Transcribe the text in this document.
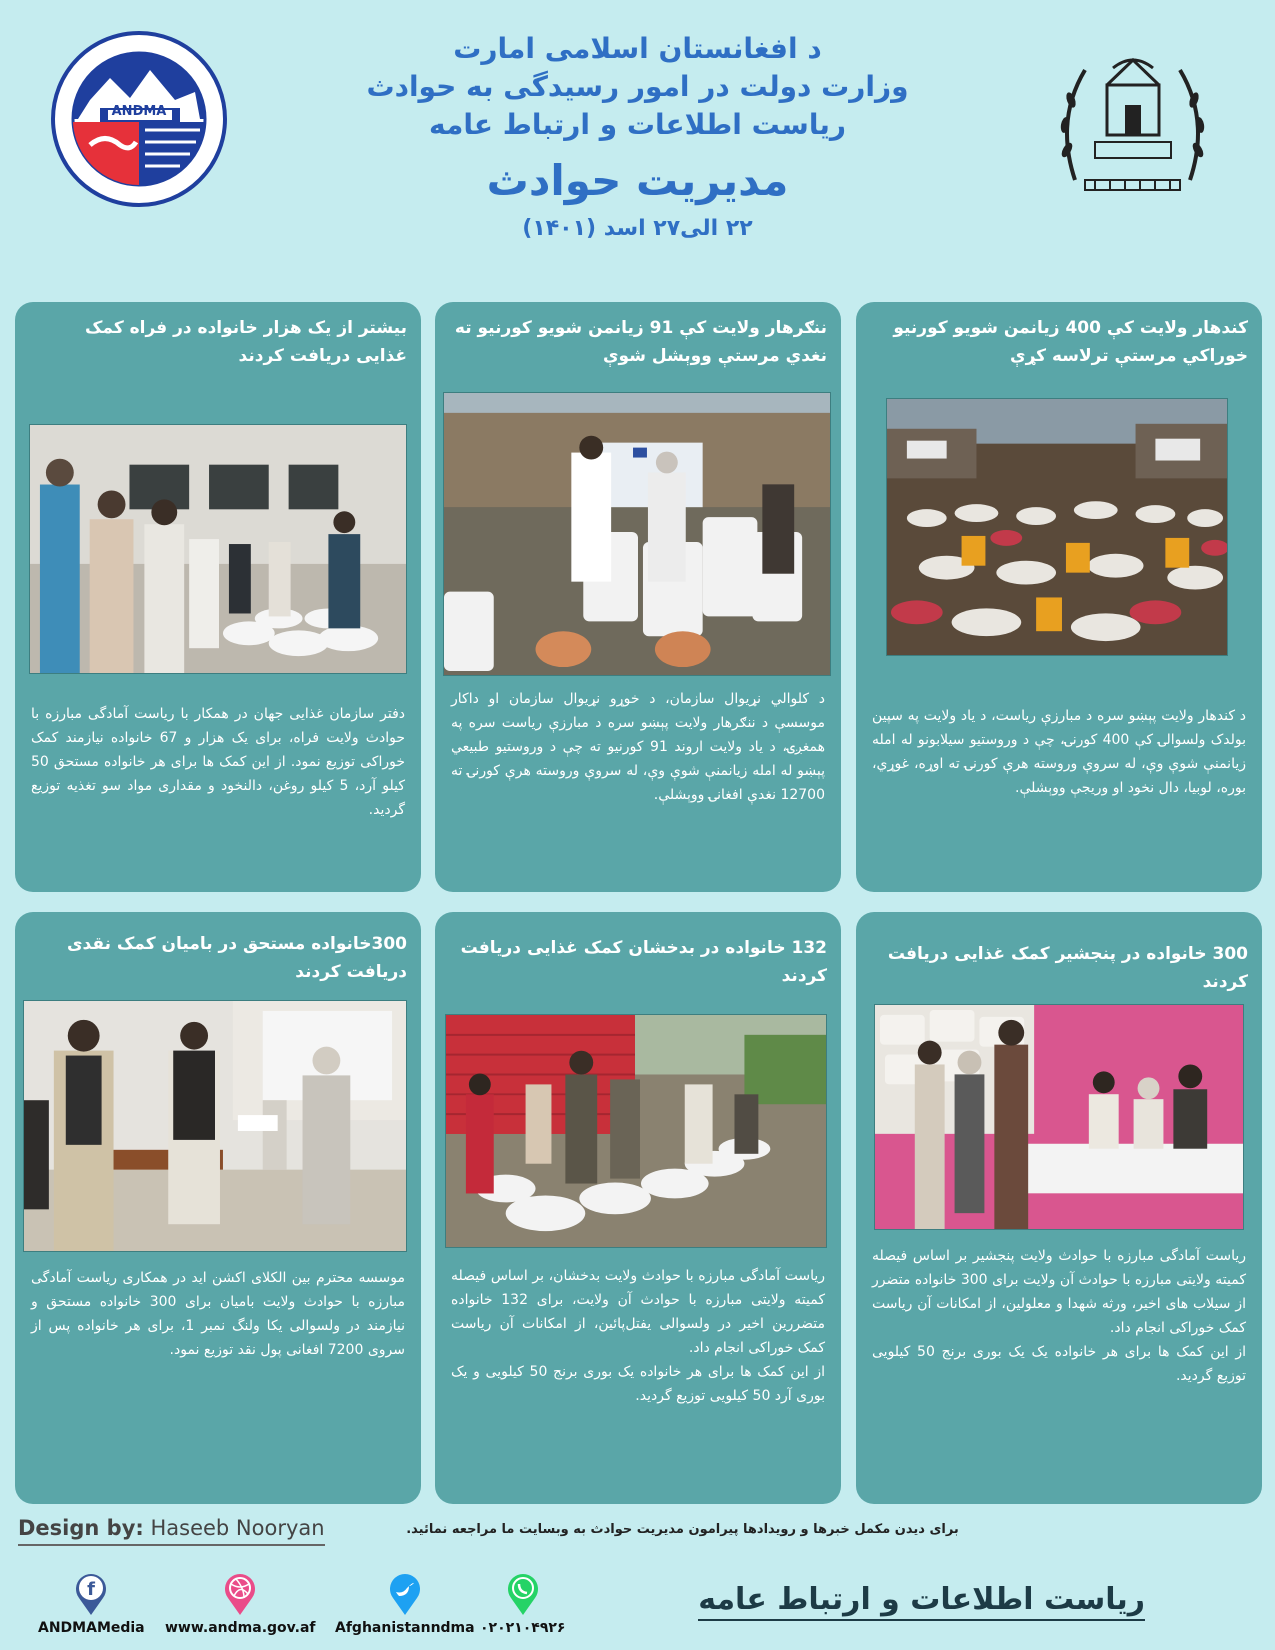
ANDMA
د افغانستان اسلامی امارت
وزارت دولت در امور رسیدگی به حوادث
ریاست اطلاعات و ارتباط عامه
مدیریت حوادث
۲۲ الی۲۷ اسد (۱۴۰۱)
کندهار ولایت کې 400 زیانمن شویو کورنیو خوراکي مرستې ترلاسه کړې
د کندهار ولایت پېښو سره د مبارزې ریاست، د یاد ولایت په سپین بولدک ولسوالۍ کې 400 کورنۍ، چې د وروستیو سیلابونو له امله زیانمنې شوې وې، له سروې وروسته هرې کورنۍ ته اوړه، غوړي، بوره، لوبیا، دال نخود او وریجې ووېشلې.
ننګرهار ولایت کې 91 زیانمن شویو کورنیو ته نغدي مرستې ووېشل شوې
د کلوالي نړیوال سازمان، د خوړو نړیوال سازمان او داکار موسسې د ننګرهار ولایت پېښو سره د مبارزې ریاست سره په همغږۍ، د یاد ولایت اروند 91 کورنیو ته چې د وروستیو طبیعي پېښو له امله زیانمنې شوې وې، له سروې وروسته هرې کورنۍ ته 12700 نغدې افغانۍ ووېشلې.
بیشتر از یک هزار خانواده در فراه کمک غذایی دریافت کردند
دفتر سازمان غذایی جهان در همکار با ریاست آمادگی مبارزه با حوادث ولایت فراه، برای یک هزار و 67 خانواده نیازمند کمک خوراکی توزیع نمود. از این کمک ها برای هر خانواده مستحق 50 کیلو آرد، 5 کیلو روغن، دالنخود و مقداری مواد سو تغذیه توزیع گردید.
300 خانواده در پنجشیر کمک غذایی دریافت کردند
ریاست آمادگی مبارزه با حوادث ولایت پنجشیر بر اساس فیصله کمیته ولایتی مبارزه با حوادث آن ولایت برای 300 خانواده متضرر از سیلاب های اخیر، ورثه شهدا و معلولین، از امکانات آن ریاست کمک خوراکی انجام داد.
از این کمک ها برای هر خانواده یک یک بوری برنج 50 کیلویی توزیع گردید.
132 خانواده در بدخشان کمک غذایی دریافت کردند
ریاست آمادگی مبارزه با حوادث ولایت بدخشان، بر اساس فیصله کمیته ولایتی مبارزه با حوادث آن ولایت، برای 132 خانواده متضررین اخیر در ولسوالی یفتل‌پائین، از امکانات آن ریاست کمک خوراکی انجام داد.
از این کمک ها برای هر خانواده یک بوری برنج 50 کیلویی و یک بوری آرد 50 کیلویی توزیع گردید.
300خانواده مستحق در بامیان کمک نقدی دریافت کردند
موسسه محترم بین الکلای اکشن اید در همکاری ریاست آمادگی مبارزه با حوادث ولایت بامیان برای 300 خانواده مستحق و نیازمند در ولسوالی یکا ولنگ نمبر 1، برای هر خانواده پس از سروی 7200 افغانی پول نقد توزیع نمود.
Design by: Haseeb Nooryan	برای دیدن مکمل خبرها و رویدادها پیرامون مدیریت حوادث به وبسایت ما مراجعه نمائید.
f
ANDMAMedia www.andma.gov.af Afghanistanndma ۰۲۰۲۱۰۴۹۲۶
ریاست اطلاعات و ارتباط عامه
